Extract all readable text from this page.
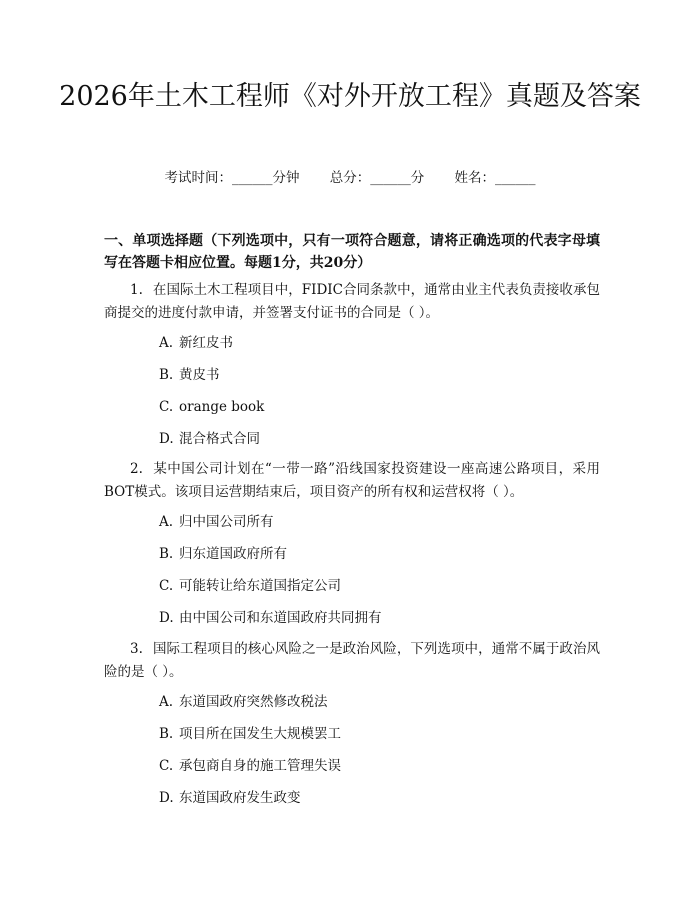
2026年土木工程师《对外开放工程》真题及答案
考试时间：______分钟 总分：______分 姓名：______
一、单项选择题（下列选项中，只有一项符合题意，请将正确选项的代表字母填写在答题卡相应位置。每题1分，共20分）
1. 在国际土木工程项目中，FIDIC合同条款中，通常由业主代表负责接收承包商提交的进度付款申请，并签署支付证书的合同是（ ）。
A. 新红皮书
B. 黄皮书
C. orange book
D. 混合格式合同
2. 某中国公司计划在“一带一路”沿线国家投资建设一座高速公路项目，采用BOT模式。该项目运营期结束后，项目资产的所有权和运营权将（ ）。
A. 归中国公司所有
B. 归东道国政府所有
C. 可能转让给东道国指定公司
D. 由中国公司和东道国政府共同拥有
3. 国际工程项目的核心风险之一是政治风险，下列选项中，通常不属于政治风险的是（ ）。
A. 东道国政府突然修改税法
B. 项目所在国发生大规模罢工
C. 承包商自身的施工管理失误
D. 东道国政府发生政变
